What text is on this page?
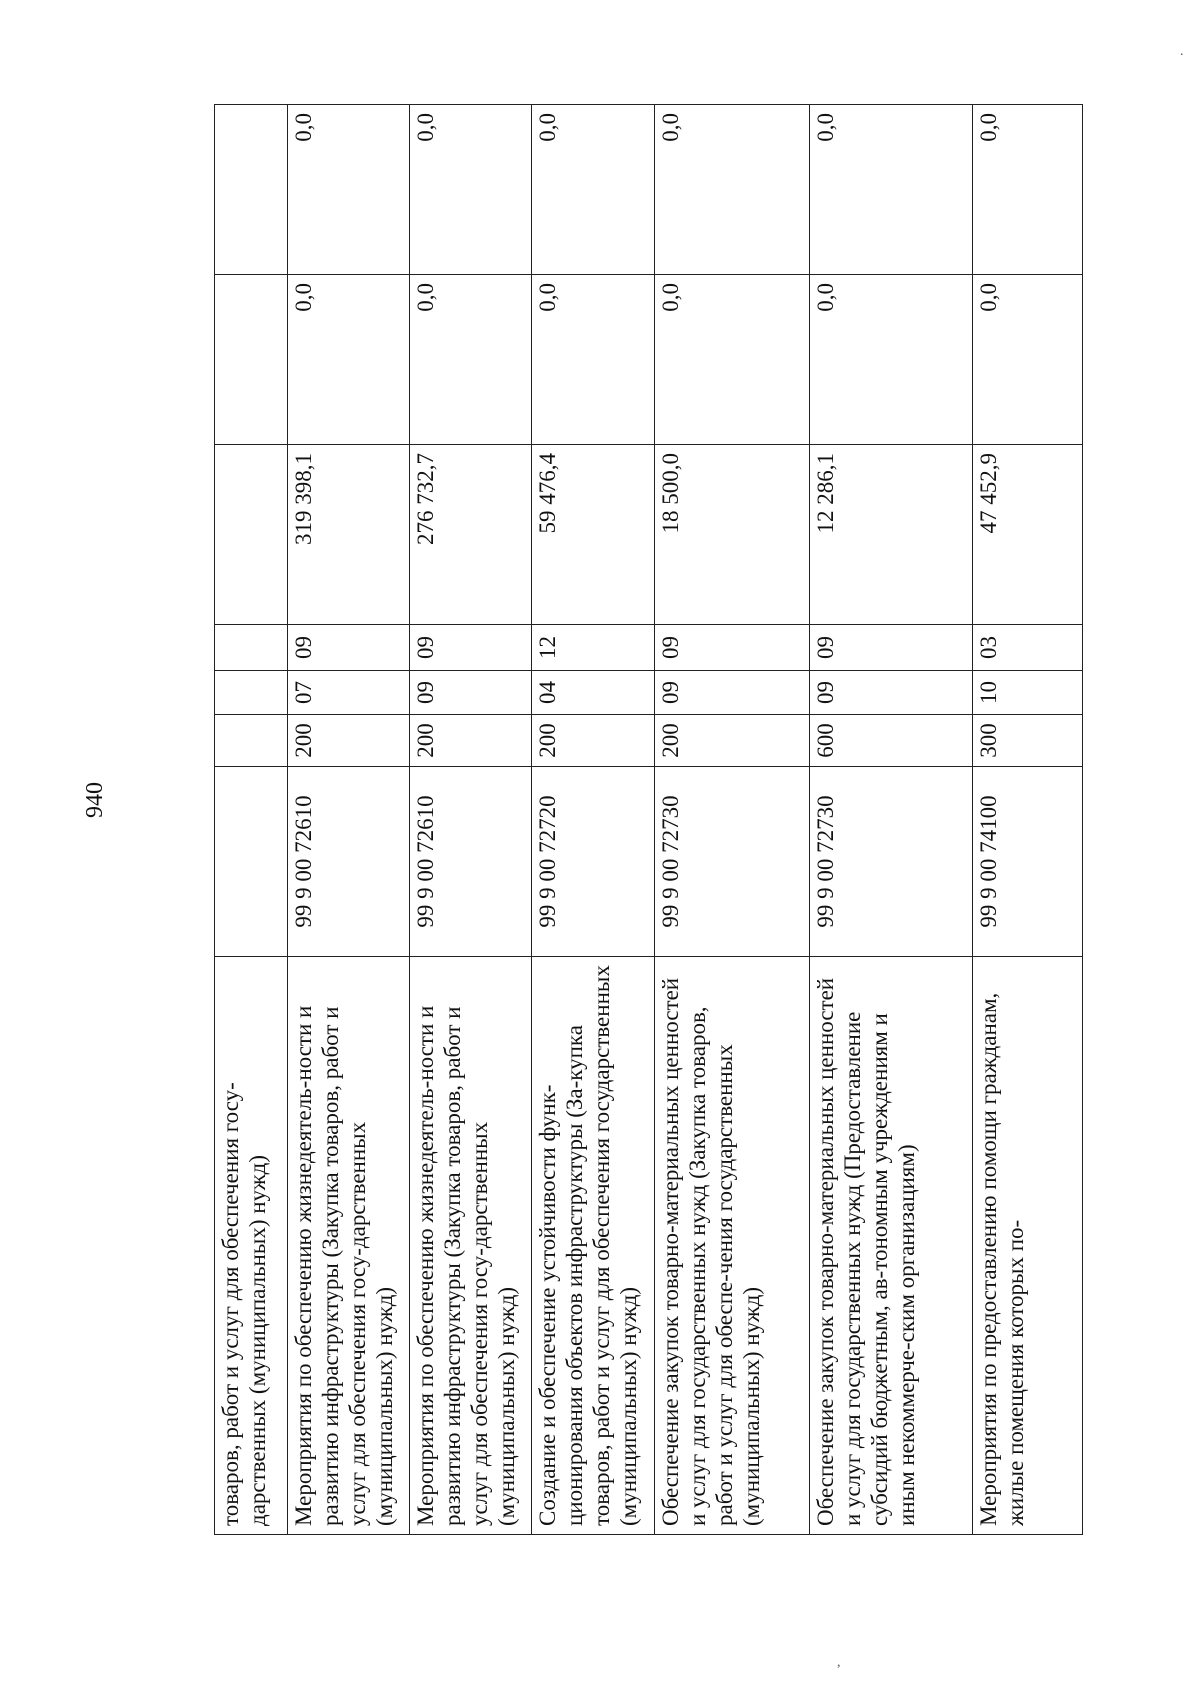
940
товаров, работ и услуг для обеспечения госу-дарственных (муниципальных) нужд)							
Мероприятия по обеспечению жизнедеятель-ности и развитию инфраструктуры (Закупка товаров, работ и услуг для обеспечения госу-дарственных (муниципальных) нужд)	99 9 00 72610	200	07	09	319 398,1	0,0	0,0
Мероприятия по обеспечению жизнедеятель-ности и развитию инфраструктуры (Закупка товаров, работ и услуг для обеспечения госу-дарственных (муниципальных) нужд)	99 9 00 72610	200	09	09	276 732,7	0,0	0,0
Создание и обеспечение устойчивости функ-ционирования объектов инфраструктуры (За-купка товаров, работ и услуг для обеспечения государственных (муниципальных) нужд)	99 9 00 72720	200	04	12	59 476,4	0,0	0,0
Обеспечение закупок товарно-материальных ценностей и услуг для государственных нужд (Закупка товаров, работ и услуг для обеспе-чения государственных (муниципальных) нужд)	99 9 00 72730	200	09	09	18 500,0	0,0	0,0
Обеспечение закупок товарно-материальных ценностей и услуг для государственных нужд (Предоставление субсидий бюджетным, ав-тономным учреждениям и иным некоммерче-ским организациям)	99 9 00 72730	600	09	09	12 286,1	0,0	0,0
Мероприятия по предоставлению помощи гражданам, жилые помещения которых по-	99 9 00 74100	300	10	03	47 452,9	0,0	0,0
.
,
